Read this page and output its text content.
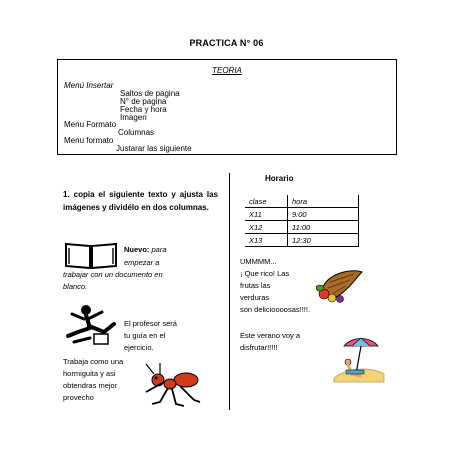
PRACTICA N° 06
TEORIA
Menú Insertar
Saltos de pagina
N° de pagina
Fecha y hora
Imagen
Menu Formato
Columnas
Menu formato
Justarar las siguiente
1. copia el siguiente texto y ajusta las imágenes y dividélo en dos columnas.
Nuevo: para
empezar a
trabajar con un documento en
blanco.
El profesor será
tu guía en el
ejercicio.
Trabaja como una
hormiguita y asi
obtendras mejor
provecho
Horario
clase	hora
X11	9:00
X12	11:00
X13	12:30
UMMMM...
¡ Que rico! Las
frutas las
verduras
son delicioooosas!!!!.
Este verano voy a
disfrutar!!!!!
